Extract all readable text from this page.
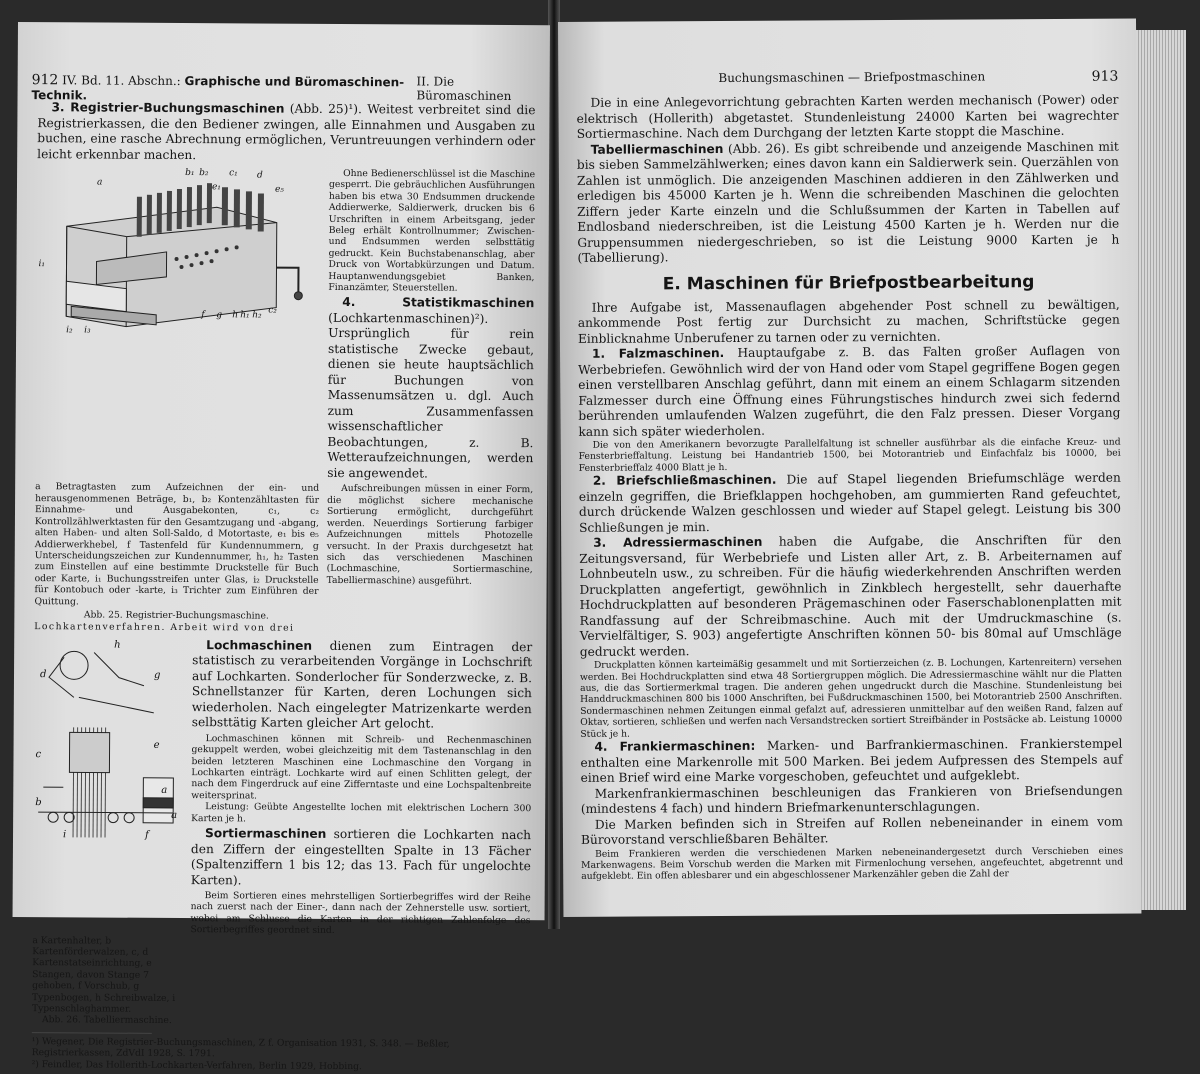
912 IV. Bd. 11. Abschn.: Graphische und Büromaschinen-Technik.
II. Die Büromaschinen

3. Registrier-Buchungsmaschinen (Abb. 25)¹). Weitest verbreitet sind die Registrierkassen, die den Bediener zwingen, alle Einnahmen und Ausgaben zu buchen, eine rasche Abrechnung ermöglichen, Veruntreuungen verhindern oder leicht erkennbar machen.

a
b₁ b₂ c₁
c₂
d
e₁	e₅
f g h h₁ h₂
i₁
i₂ i₃

Ohne Bedienerschlüssel ist die Maschine gesperrt. Die gebräuchlichen Ausführungen haben bis etwa 30 Endsummen druckende Addierwerke, Saldierwerk, drucken bis 6 Urschriften in einem Arbeitsgang, jeder Beleg erhält Kontrollnummer; Zwischen- und Endsummen werden selbsttätig gedruckt. Kein Buchstabenanschlag, aber Druck von Wortabkürzungen und Datum. Hauptanwendungsgebiet Banken, Finanzämter, Steuerstellen.

4. Statistikmaschinen (Lochkartenmaschinen)²). Ursprünglich für rein statistische Zwecke gebaut, dienen sie heute hauptsächlich für Buchungen von Massenumsätzen u. dgl. Auch zum Zusammenfassen wissenschaftlicher Beobachtungen, z. B. Wetteraufzeichnungen, werden sie angewendet.

a Betragtasten zum Aufzeichnen der ein- und herausgenommenen Beträge, b₁, b₂ Kontenzähltasten für Einnahme- und Ausgabekonten, c₁, c₂ Kontrollzählwerktasten für den Gesamtzugang und -abgang, alten Haben- und alten Soll-Saldo, d Motortaste, e₁ bis e₅ Addierwerkhebel, f Tastenfeld für Kundennummern, g Unterscheidungszeichen zur Kundennummer, h₁, h₂ Tasten zum Einstellen auf eine bestimmte Druckstelle für Buch oder Karte, i₁ Buchungsstreifen unter Glas, i₂ Druckstelle für Kontobuch oder -karte, i₃ Trichter zum Einführen der Quittung.

Abb. 25. Registrier-Buchungsmaschine.

Aufschreibungen müssen in einer Form, die möglichst sichere mechanische Sortierung ermöglicht, durchgeführt werden. Neuerdings Sortierung farbiger Aufzeichnungen mittels Photozelle versucht. In der Praxis durchgesetzt hat sich das verschiedenen Maschinen (Lochmaschine, Sortiermaschine, Tabelliermaschine) ausgeführt.

Lochkartenverfahren. Arbeit wird von drei

h
d
e
g
c
a
b
f
i
a

Lochmaschinen dienen zum Eintragen der statistisch zu verarbeitenden Vorgänge in Lochschrift auf Lochkarten. Sonderlocher für Sonderzwecke, z. B. Schnellstanzer für Karten, deren Lochungen sich wiederholen. Nach eingelegter Matrizenkarte werden selbsttätig Karten gleicher Art gelocht.

Lochmaschinen können mit Schreib- und Rechenmaschinen gekuppelt werden, wobei gleichzeitig mit dem Tastenanschlag in den beiden letzteren Maschinen eine Lochmaschine den Vorgang in Lochkarten einträgt. Lochkarte wird auf einen Schlitten gelegt, der nach dem Fingerdruck auf eine Zifferntaste und eine Lochspaltenbreite weitersprinat.

Leistung: Geübte Angestellte lochen mit elektrischen Lochern 300 Karten je h.

Sortiermaschinen sortieren die Lochkarten nach den Ziffern der eingestellten Spalte in 13 Fächer (Spaltenziffern 1 bis 12; das 13. Fach für ungelochte Karten).

Beim Sortieren eines mehrstelligen Sortierbegriffes wird der Reihe nach zuerst nach der Einer-, dann nach der Zehnerstelle usw. sortiert, wobei am Schlusse die Karten in der richtigen Zahlenfolge des Sortierbegriffes geordnet sind.

a Kartenhalter, b Kartenförderwalzen, c, d Kartenstatseinrichtung, e Stangen, davon Stange 7 gehoben, f Vorschub, g Typenbogen, h Schreibwalze, i Typenschlaghammer.

Abb. 26. Tabelliermaschine.

¹) Wegener, Die Registrier-Buchungsmaschinen, Z f. Organisation 1931, S. 348. — Beßler, Registrierkassen, ZdVdI 1928, S. 1791.

²) Feindler, Das Hollerith-Lochkarten-Verfahren, Berlin 1929, Hobbing.

Buchungsmaschinen — Briefpostmaschinen	913

Die in eine Anlegevorrichtung gebrachten Karten werden mechanisch (Power) oder elektrisch (Hollerith) abgetastet. Stundenleistung 24000 Karten bei wagrechter Sortiermaschine. Nach dem Durchgang der letzten Karte stoppt die Maschine.

Tabelliermaschinen (Abb. 26). Es gibt schreibende und anzeigende Maschinen mit bis sieben Sammelzählwerken; eines davon kann ein Saldierwerk sein. Querzählen von Zahlen ist unmöglich. Die anzeigenden Maschinen addieren in den Zählwerken und erledigen bis 45000 Karten je h. Wenn die schreibenden Maschinen die gelochten Ziffern jeder Karte einzeln und die Schlußsummen der Karten in Tabellen auf Endlosband niederschreiben, ist die Leistung 4500 Karten je h. Werden nur die Gruppensummen niedergeschrieben, so ist die Leistung 9000 Karten je h (Tabellierung).

E. Maschinen für Briefpostbearbeitung

Ihre Aufgabe ist, Massenauflagen abgehender Post schnell zu bewältigen, ankommende Post fertig zur Durchsicht zu machen, Schriftstücke gegen Einblicknahme Unberufener zu tarnen oder zu vernichten.

1. Falzmaschinen. Hauptaufgabe z. B. das Falten großer Auflagen von Werbebriefen. Gewöhnlich wird der von Hand oder vom Stapel gegriffene Bogen gegen einen verstellbaren Anschlag geführt, dann mit einem an einem Schlagarm sitzenden Falzmesser durch eine Öffnung eines Führungstisches hindurch zwei sich federnd berührenden umlaufenden Walzen zugeführt, die den Falz pressen. Dieser Vorgang kann sich später wiederholen.

Die von den Amerikanern bevorzugte Parallelfaltung ist schneller ausführbar als die einfache Kreuz- und Fensterbrieffaltung. Leistung bei Handantrieb 1500, bei Motorantrieb und Einfachfalz bis 10000, bei Fensterbrieffalz 4000 Blatt je h.

2. Briefschließmaschinen. Die auf Stapel liegenden Briefumschläge werden einzeln gegriffen, die Briefklappen hochgehoben, am gummierten Rand gefeuchtet, durch drückende Walzen geschlossen und wieder auf Stapel gelegt. Leistung bis 300 Schließungen je min.

3. Adressiermaschinen haben die Aufgabe, die Anschriften für den Zeitungsversand, für Werbebriefe und Listen aller Art, z. B. Arbeiternamen auf Lohnbeuteln usw., zu schreiben. Für die häufig wiederkehrenden Anschriften werden Druckplatten angefertigt, gewöhnlich in Zinkblech hergestellt, sehr dauerhafte Hochdruckplatten auf besonderen Prägemaschinen oder Faserschablonenplatten mit Randfassung auf der Schreibmaschine. Auch mit der Umdruckmaschine (s. Vervielfältiger, S. 903) angefertigte Anschriften können 50- bis 80mal auf Umschläge gedruckt werden.

Druckplatten können karteimäßig gesammelt und mit Sortierzeichen (z. B. Lochungen, Kartenreitern) versehen werden. Bei Hochdruckplatten sind etwa 48 Sortiergruppen möglich. Die Adressiermaschine wählt nur die Platten aus, die das Sortiermerkmal tragen. Die anderen gehen ungedruckt durch die Maschine. Stundenleistung bei Handdruckmaschinen 800 bis 1000 Anschriften, bei Fußdruckmaschinen 1500, bei Motorantrieb 2500 Anschriften. Sondermaschinen nehmen Zeitungen einmal gefalzt auf, adressieren unmittelbar auf den weißen Rand, falzen auf Oktav, sortieren, schließen und werfen nach Versandstrecken sortiert Streifbänder in Postsäcke ab. Leistung 10000 Stück je h.

4. Frankiermaschinen: Marken- und Barfrankiermaschinen. Frankierstempel enthalten eine Markenrolle mit 500 Marken. Bei jedem Aufpressen des Stempels auf einen Brief wird eine Marke vorgeschoben, gefeuchtet und aufgeklebt.

Markenfrankiermaschinen beschleunigen das Frankieren von Briefsendungen (mindestens 4 fach) und hindern Briefmarkenunterschlagungen.

Die Marken befinden sich in Streifen auf Rollen nebeneinander in einem vom Bürovorstand verschließbaren Behälter.

Beim Frankieren werden die verschiedenen Marken nebeneinandergesetzt durch Verschieben eines Markenwagens. Beim Vorschub werden die Marken mit Firmenlochung versehen, angefeuchtet, abgetrennt und aufgeklebt. Ein offen ablesbarer und ein abgeschlossener Markenzähler geben die Zahl der
